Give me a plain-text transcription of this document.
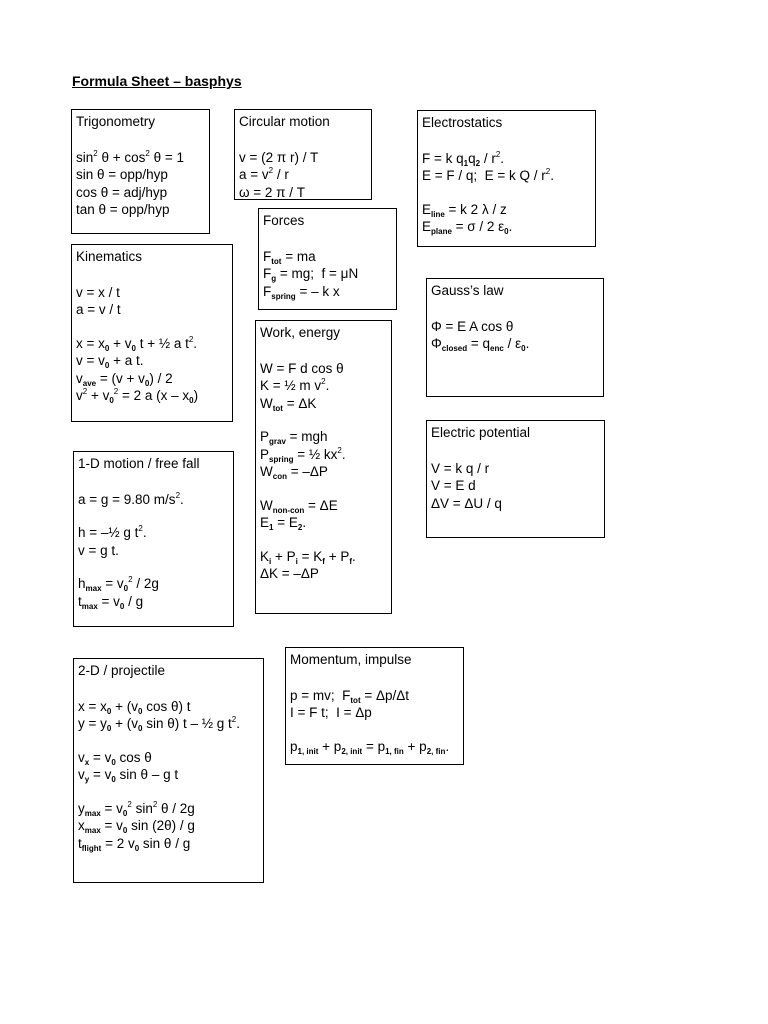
Formula Sheet – basphys
Trigonometry
$\sin^2 \theta + \cos^2 \theta = 1$
sin θ = opp/hyp
cos θ = adj/hyp
tan θ = opp/hyp
Circular motion
v = (2 π r) / T
$a = v^2 / r$
ω = 2 π / T
Electrostatics
F = k $q_1q_2 / r^2$.
E = F / q;  E = k Q / $r^2$.
$E_{line} = k$ 2 λ / z
$E_{plane} = \sigma / 2$ $\varepsilon_0$.
Forces
$F_{tot}$ = ma
$F_g$ = mg;  f = μN
$F_{spring}$ = – k x
Kinematics
v = x / t
a = v / t
$x = x_0 + v_0$ t + ½ a $t^2$.
$v = v_0 + a$ t.
$v_{ave} = (v + v_0) / 2$
$v^2 + v_0^2 = 2$ a $(x - x_0)$
Work, energy
W = F d cos θ
K = ½ m $v^2$.
$W_{tot} = \Delta K$
$P_{grav}$ = mgh
$P_{spring}$ = ½ $kx^2$.
$W_{con} = -\Delta P$
$W_{non-con} = \Delta E$
$E_1 = E_2$.
$K_i + P_i = K_f + P_f$.
ΔK = –ΔP
Gauss’s law
Φ = E A cos θ
$\Phi_{closed} = q_{enc} / \varepsilon_0$.
Electric potential
V = k q / r
V = E d
ΔV = ΔU / q
1-D motion / free fall
a = g = 9.80 $m/s^2$.
h = –½ g $t^2$.
v = g t.
$h_{max} = v_0^2 / 2g$
$t_{max} = v_0 / g$
Momentum, impulse
p = mv;  $F_{tot} = \Delta p/\Delta t$
I = F t;  I = Δp
$p_{1, init} + p_{2, init} = p_{1, fin} + p_{2, fin}$.
2-D / projectile
$x = x_0 + (v_0$ cos θ) t
$y = y_0 + (v_0$ sin θ) t – ½ g $t^2$.
$v_x = v_0$ cos θ
$v_y = v_0$ sin θ – g t
$y_{max} = v_0^2$ $\sin^2 \theta / 2g$
$x_{max} = v_0$ sin (2θ) / g
$t_{flight} = 2$ $v_0$ sin θ / g
